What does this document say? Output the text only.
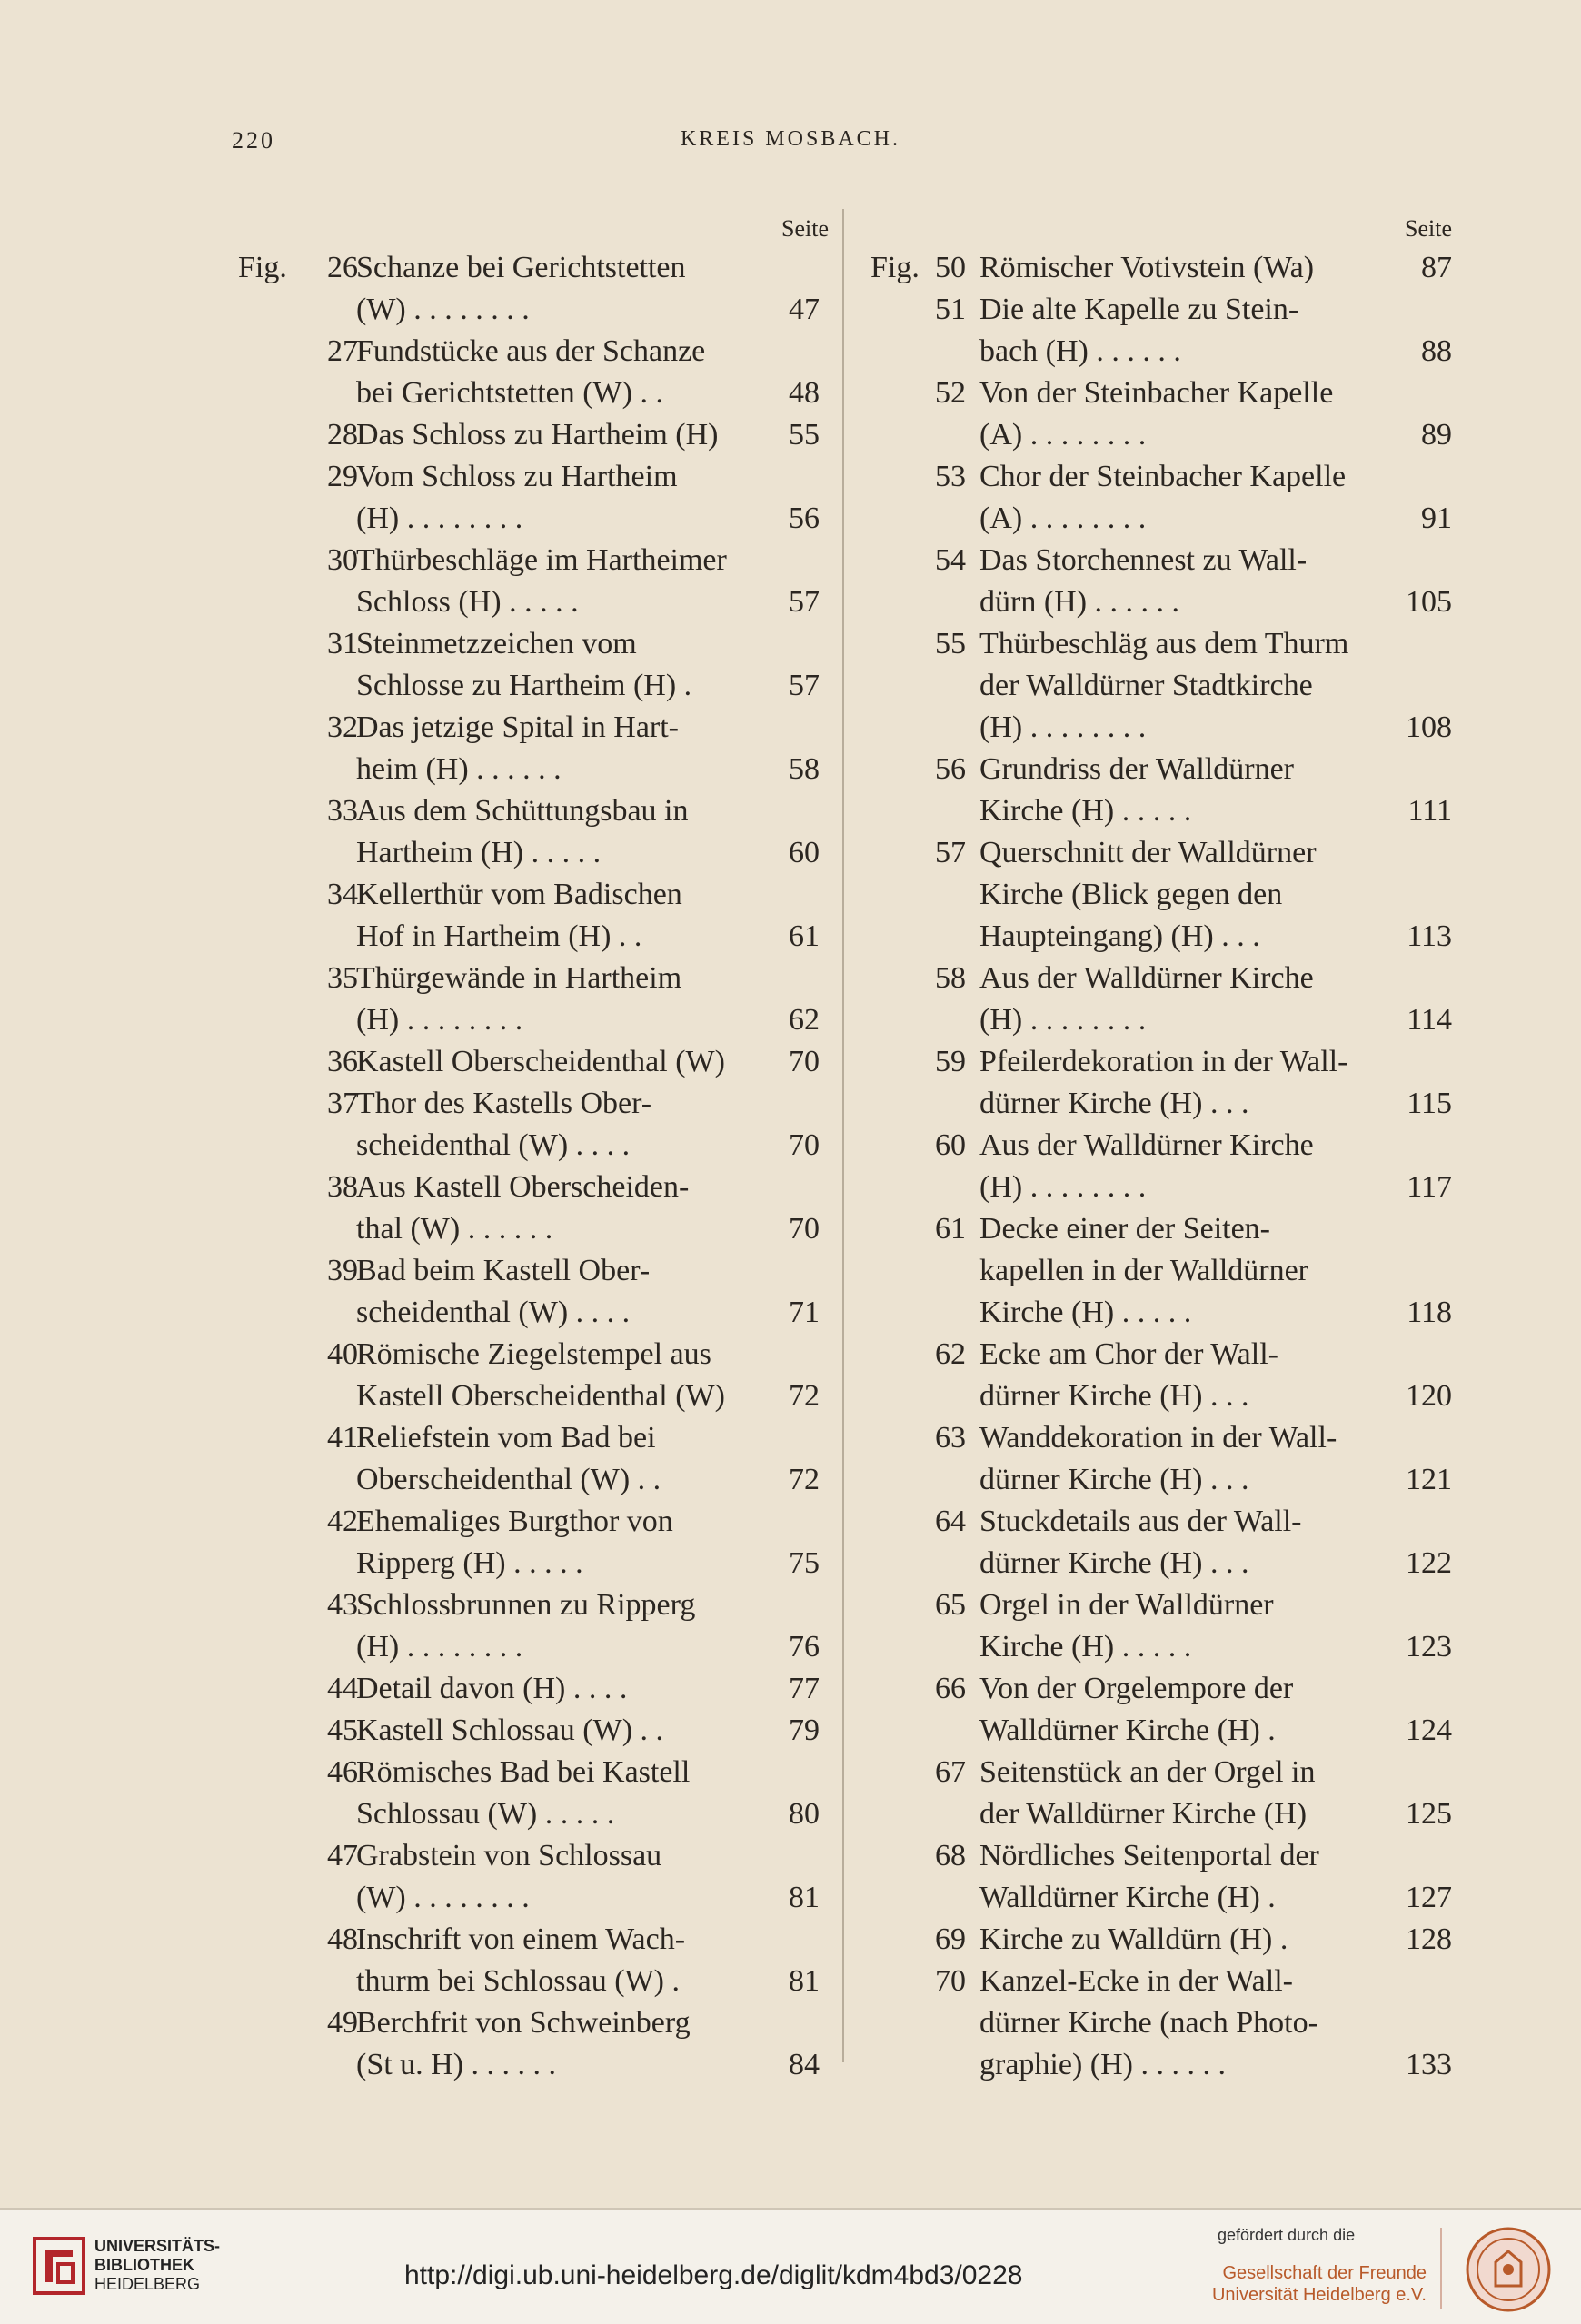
220	KREIS MOSBACH.
Seite
Fig.	26
Schanze bei Gerichtstetten
(W) . . . . . . . .	47
27
Fundstücke aus der Schanze
bei Gerichtstetten (W) . .	48
28
Das Schloss zu Hartheim (H)	55
29
Vom Schloss zu Hartheim
(H) . . . . . . . .	56
30
Thürbeschläge im Hartheimer
Schloss (H) . . . . .	57
31
Steinmetzzeichen vom
Schlosse zu Hartheim (H) .	57
32
Das jetzige Spital in Hart-
heim (H) . . . . . .	58
33
Aus dem Schüttungsbau in
Hartheim (H) . . . . .	60
34
Kellerthür vom Badischen
Hof in Hartheim (H) . .	61
35
Thürgewände in Hartheim
(H) . . . . . . . .	62
36
Kastell Oberscheidenthal (W)	70
37
Thor des Kastells Ober-
scheidenthal (W) . . . .	70
38
Aus Kastell Oberscheiden-
thal (W) . . . . . .	70
39
Bad beim Kastell Ober-
scheidenthal (W) . . . .	71
40
Römische Ziegelstempel aus
Kastell Oberscheidenthal (W)	72
41
Reliefstein vom Bad bei
Oberscheidenthal (W) . .	72
42
Ehemaliges Burgthor von
Ripperg (H) . . . . .	75
43
Schlossbrunnen zu Ripperg
(H) . . . . . . . .	76
44
Detail davon (H) . . . .	77
45
Kastell Schlossau (W) . .	79
46
Römisches Bad bei Kastell
Schlossau (W) . . . . .	80
47
Grabstein von Schlossau
(W) . . . . . . . .	81
48
Inschrift von einem Wach-
thurm bei Schlossau (W) .	81
49
Berchfrit von Schweinberg
(St u. H) . . . . . .	84
Seite
Fig. 50 Römischer Votivstein (Wa)	87
51 Die alte Kapelle zu Stein-
bach (H) . . . . . .	88
52 Von der Steinbacher Kapelle
(A) . . . . . . . .	89
53 Chor der Steinbacher Kapelle
(A) . . . . . . . .	91
54 Das Storchennest zu Wall-
dürn (H) . . . . . .	105
55 Thürbeschläg aus dem Thurm
der Walldürner Stadtkirche
(H) . . . . . . . .	108
56 Grundriss der Walldürner
Kirche (H) . . . . .	111
57 Querschnitt der Walldürner
Kirche (Blick gegen den
Haupteingang) (H) . . .	113
58 Aus der Walldürner Kirche
(H) . . . . . . . .	114
59 Pfeilerdekoration in der Wall-
dürner Kirche (H) . . .	115
60 Aus der Walldürner Kirche
(H) . . . . . . . .	117
61 Decke einer der Seiten-
kapellen in der Walldürner
Kirche (H) . . . . .	118
62 Ecke am Chor der Wall-
dürner Kirche (H) . . .	120
63 Wanddekoration in der Wall-
dürner Kirche (H) . . .	121
64 Stuckdetails aus der Wall-
dürner Kirche (H) . . .	122
65 Orgel in der Walldürner
Kirche (H) . . . . .	123
66 Von der Orgelempore der
Walldürner Kirche (H) .	124
67 Seitenstück an der Orgel in
der Walldürner Kirche (H)	125
68 Nördliches Seitenportal der
Walldürner Kirche (H) .	127
69 Kirche zu Walldürn (H) .	128
70 Kanzel-Ecke in der Wall-
dürner Kirche (nach Photo-
graphie) (H) . . . . . .	133
UNIVERSITÄTS-
BIBLIOTHEK
HEIDELBERG	http://digi.ub.uni-heidelberg.de/diglit/kdm4bd3/0228
gefördert durch die
Gesellschaft der Freunde
Universität Heidelberg e.V.
